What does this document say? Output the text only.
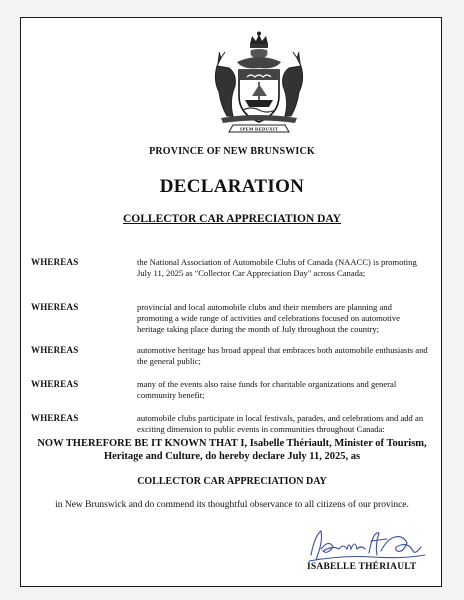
SPEM REDUXIT
PROVINCE OF NEW BRUNSWICK
DECLARATION
COLLECTOR CAR APPRECIATION DAY
WHEREAS	the National Association of Automobile Clubs of Canada (NAACC) is promoting July 11, 2025 as "Collector Car Appreciation Day" across Canada;
WHEREAS	provincial and local automobile clubs and their members are planning and promoting a wide range of activities and celebrations focused on automotive heritage taking place during the month of July throughout the country;
WHEREAS	automotive heritage has broad appeal that embraces both automobile enthusiasts and the general public;
WHEREAS	many of the events also raise funds for charitable organizations and general community benefit;
WHEREAS	automobile clubs participate in local festivals, parades, and celebrations and add an exciting dimension to public events in communities throughout Canada:
NOW THEREFORE BE IT KNOWN THAT I, Isabelle Thériault, Minister of Tourism, Heritage and Culture, do hereby declare July 11, 2025, as
COLLECTOR CAR APPRECIATION DAY
in New Brunswick and do commend its thoughtful observance to all citizens of our province.
ISABELLE THÉRIAULT
